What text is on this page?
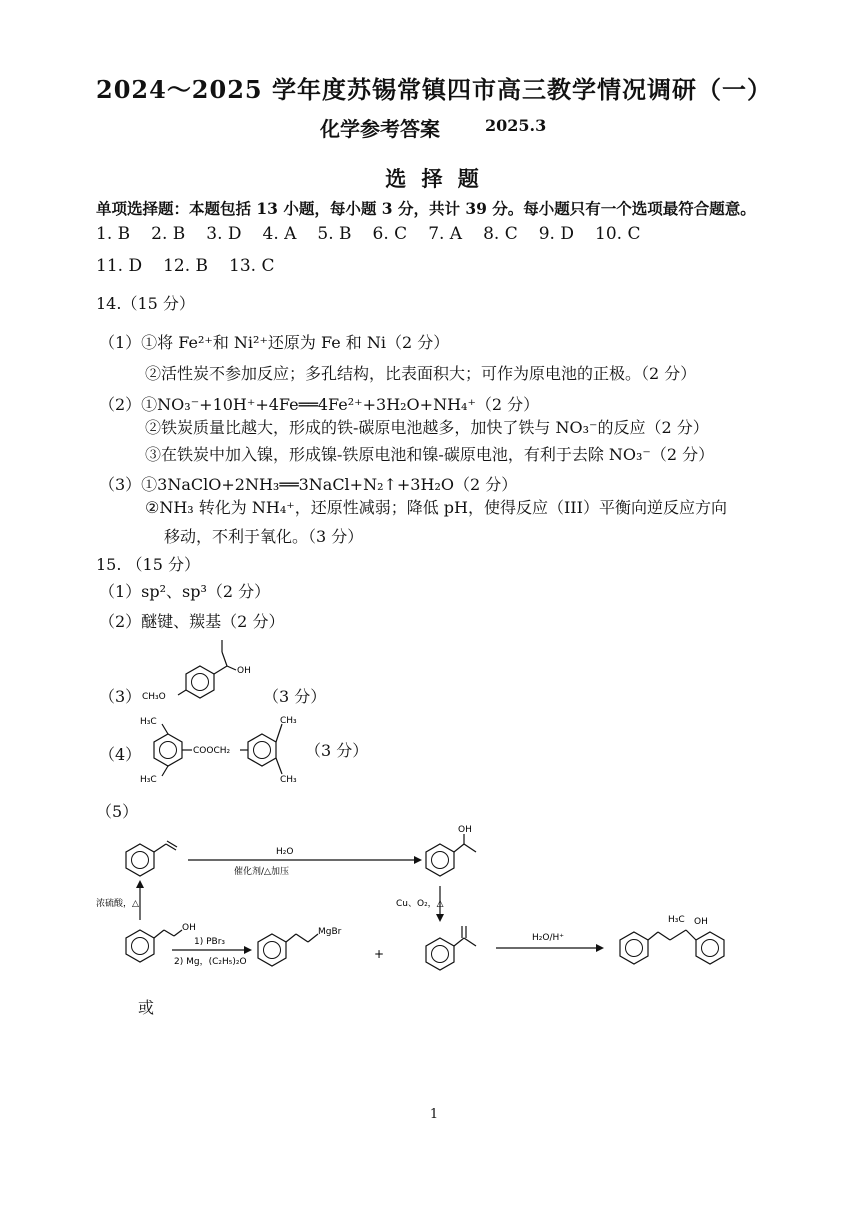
2024～2025 学年度苏锡常镇四市高三教学情况调研（一）
化学参考答案	2025.3
选 择 题
单项选择题：本题包括 13 小题，每小题 3 分，共计 39 分。每小题只有一个选项最符合题意。
1. B 2. B 3. D 4. A 5. B 6. C 7. A 8. C 9. D 10. C
11. D 12. B 13. C
14.（15 分）
（1）①将 Fe²⁺和 Ni²⁺还原为 Fe 和 Ni（2 分）
②活性炭不参加反应；多孔结构，比表面积大；可作为原电池的正极。（2 分）
（2）①NO₃⁻+10H⁺+4Fe══4Fe²⁺+3H₂O+NH₄⁺（2 分）
②铁炭质量比越大，形成的铁-碳原电池越多，加快了铁与 NO₃⁻的反应（2 分）
③在铁炭中加入镍，形成镍-铁原电池和镍-碳原电池，有利于去除 NO₃⁻（2 分）
（3）①3NaClO+2NH₃══3NaCl+N₂↑+3H₂O（2 分）
②NH₃ 转化为 NH₄⁺，还原性减弱；降低 pH，使得反应（III）平衡向逆反应方向
移动，不利于氧化。（3 分）
15. （15 分）
（1）sp²、sp³（2 分）
（2）醚键、羰基（2 分）
（3）
OH
CH₃O	（3 分）
（4）
H₃C
H₃C
COOCH₂
CH₃
CH₃
（3 分）
（5）
H₂O
催化剂/△加压
OH
浓硫酸，△	Cu、O₂，△
OH
1) PBr₃
2) Mg，(C₂H₅)₂O
MgBr
+
H₂O/H⁺
H₃C OH
或
1
